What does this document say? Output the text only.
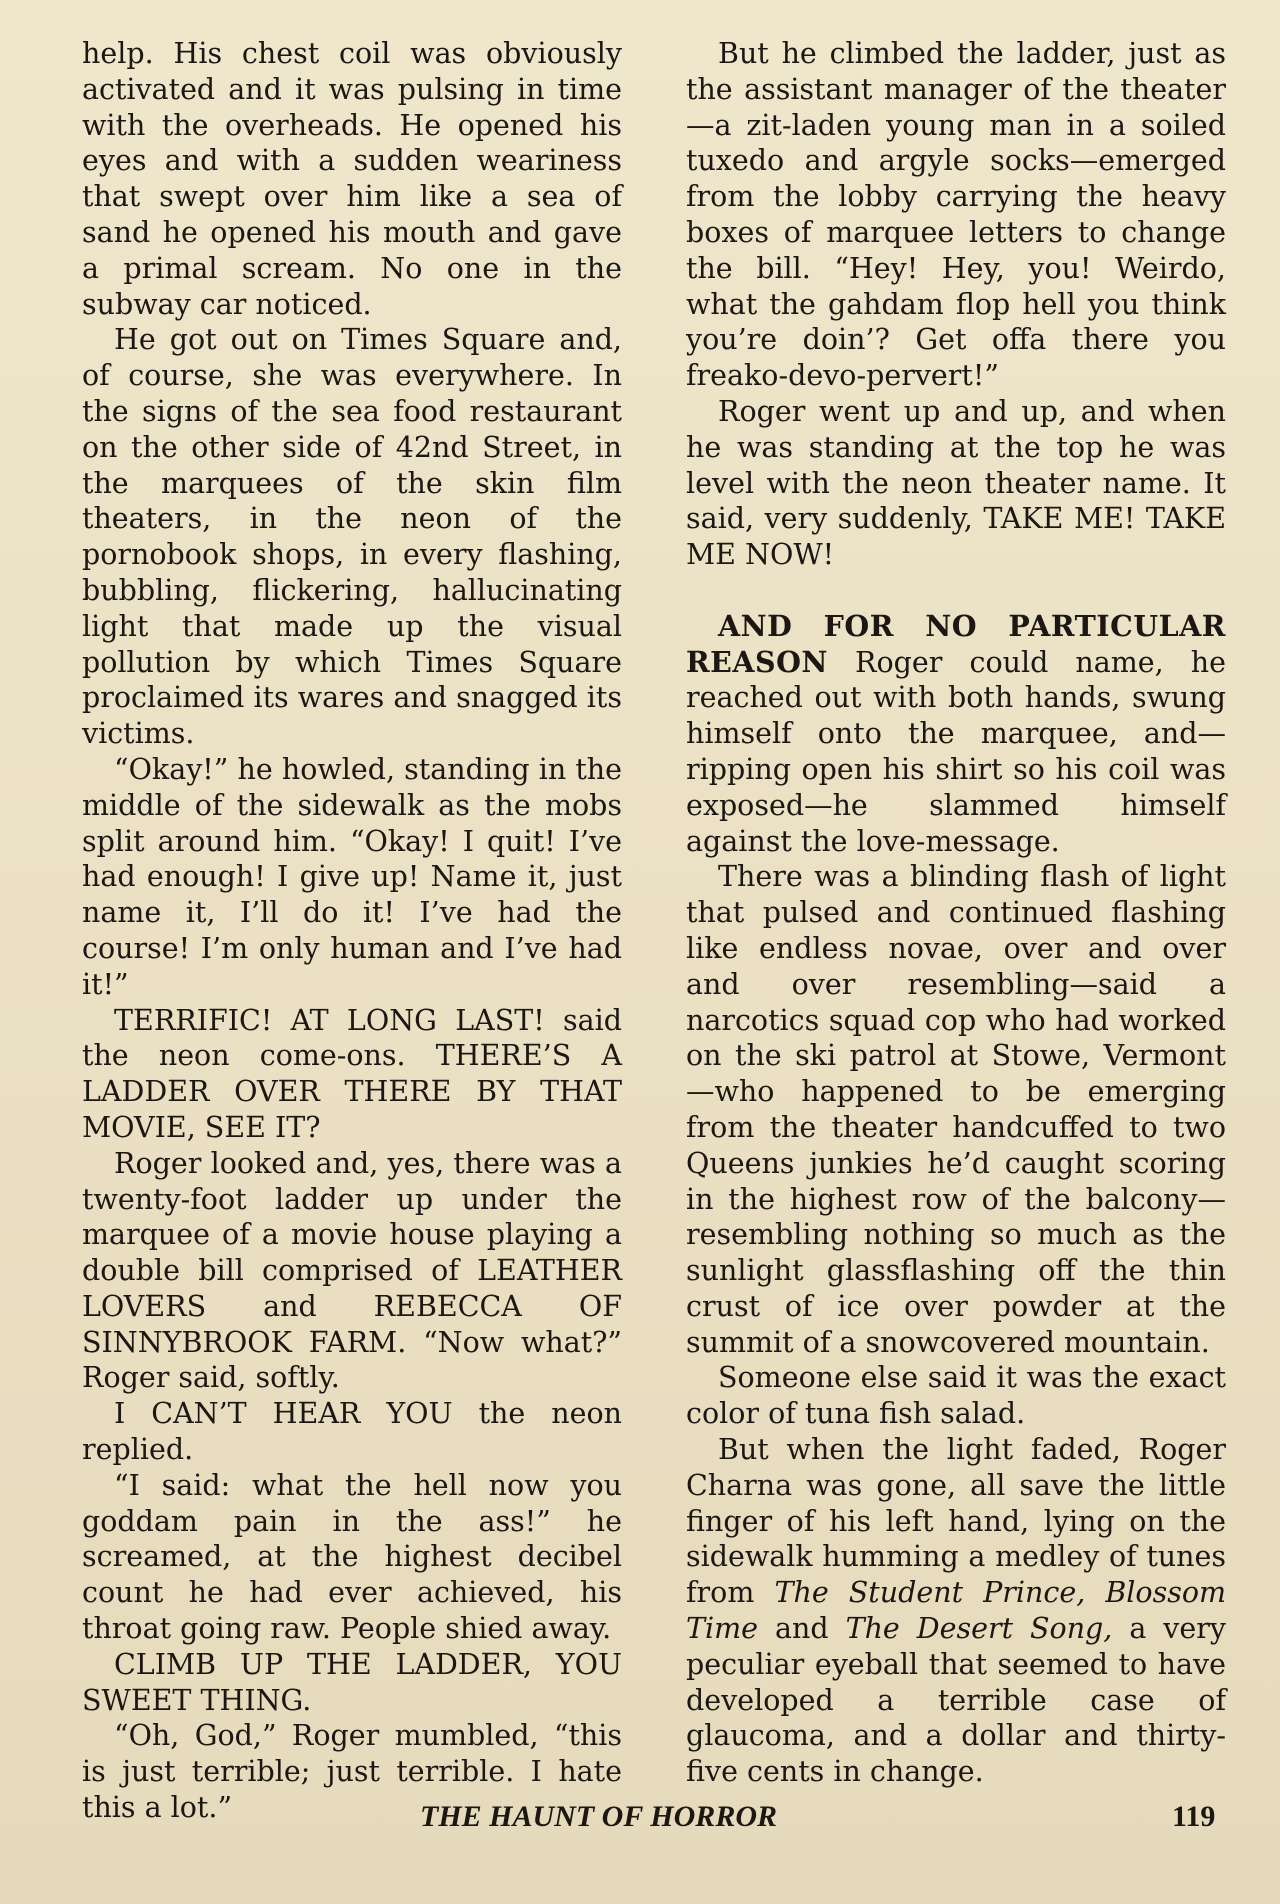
help. His chest coil was obviously activated and it was pulsing in time with the overheads. He opened his eyes and with a sudden weariness that swept over him like a sea of sand he opened his mouth and gave a primal scream. No one in the subway car noticed.

He got out on Times Square and, of course, she was everywhere. In the signs of the sea food restaurant on the other side of 42nd Street, in the marquees of the skin film theaters, in the neon of the pornobook shops, in every flashing, bubbling, flickering, hallucinating light that made up the visual pollution by which Times Square proclaimed its wares and snagged its victims.

“Okay!” he howled, standing in the middle of the sidewalk as the mobs split around him. “Okay! I quit! I’ve had enough! I give up! Name it, just name it, I’ll do it! I’ve had the course! I’m only human and I’ve had it!”

TERRIFIC! AT LONG LAST! said the neon come-ons. THERE’S A LADDER OVER THERE BY THAT MOVIE, SEE IT?

Roger looked and, yes, there was a twenty-foot ladder up under the marquee of a movie house playing a double bill comprised of LEATHER LOVERS and REBECCA OF SINNYBROOK FARM. “Now what?” Roger said, softly.

I CAN’T HEAR YOU the neon replied.

“I said: what the hell now you goddam pain in the ass!” he screamed, at the highest decibel count he had ever achieved, his throat going raw. People shied away.

CLIMB UP THE LADDER, YOU SWEET THING.

“Oh, God,” Roger mumbled, “this is just terrible; just terrible. I hate this a lot.”

But he climbed the ladder, just as the assistant manager of the theater—a zit-laden young man in a soiled tuxedo and argyle socks—emerged from the lobby carrying the heavy boxes of marquee letters to change the bill. “Hey! Hey, you! Weirdo, what the gahdam flop hell you think you’re doin’? Get offa there you freako-devo-pervert!”

Roger went up and up, and when he was standing at the top he was level with the neon theater name. It said, very suddenly, TAKE ME! TAKE ME NOW!

AND FOR NO PARTICULAR REASON Roger could name, he reached out with both hands, swung himself onto the marquee, and—ripping open his shirt so his coil was exposed—he slammed himself against the love-message.

There was a blinding flash of light that pulsed and continued flashing like endless novae, over and over and over resembling—said a narcotics squad cop who had worked on the ski patrol at Stowe, Vermont—who happened to be emerging from the theater handcuffed to two Queens junkies he’d caught scoring in the highest row of the balcony—resembling nothing so much as the sunlight glassflashing off the thin crust of ice over powder at the summit of a snowcovered mountain.

Someone else said it was the exact color of tuna fish salad.

But when the light faded, Roger Charna was gone, all save the little finger of his left hand, lying on the sidewalk humming a medley of tunes from The Student Prince, Blossom Time and The Desert Song, a very peculiar eyeball that seemed to have developed a terrible case of glaucoma, and a dollar and thirty-five cents in change.

THE HAUNT OF HORROR	119
